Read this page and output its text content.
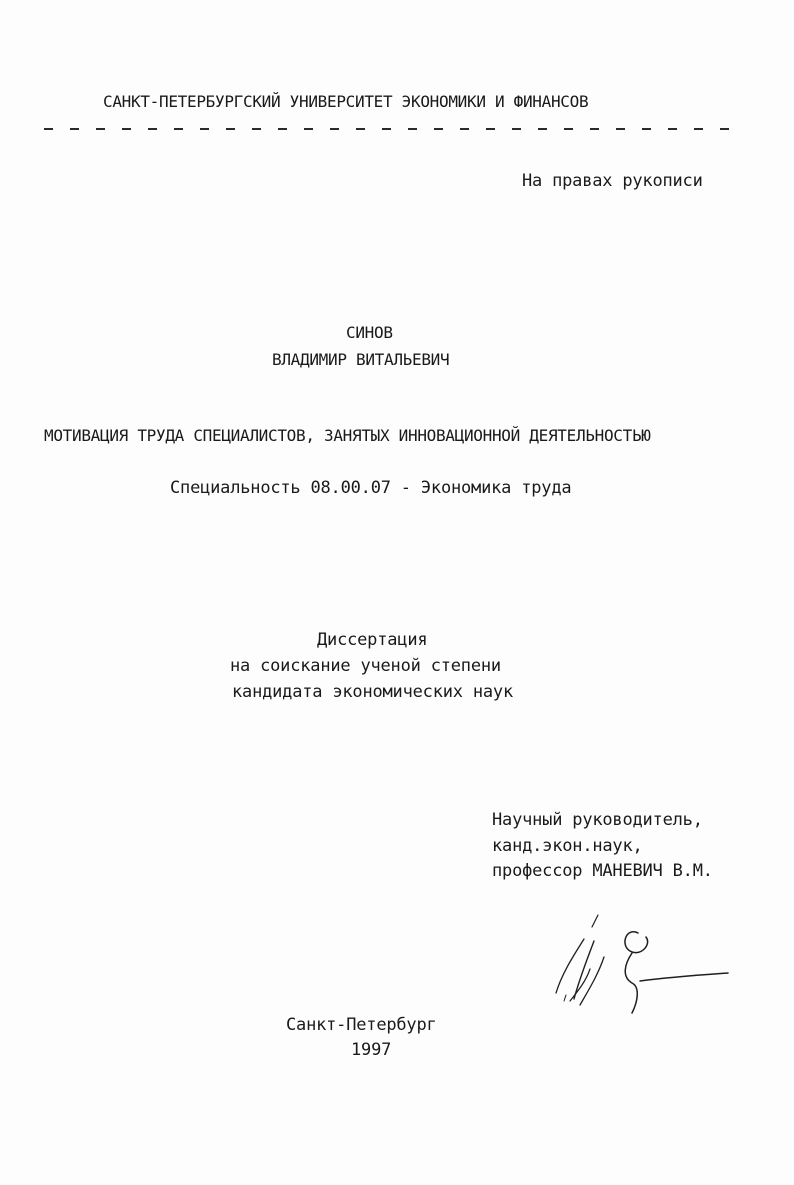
САНКТ-ПЕТЕРБУРГСКИЙ УНИВЕРСИТЕТ ЭКОНОМИКИ И ФИНАНСОВ
На правах рукописи
СИНОВ
ВЛАДИМИР ВИТАЛЬЕВИЧ
МОТИВАЦИЯ ТРУДА СПЕЦИАЛИСТОВ, ЗАНЯТЫХ ИННОВАЦИОННОЙ ДЕЯТЕЛЬНОСТЬЮ
Специальность 08.00.07 - Экономика труда
Диссертация
на соискание ученой степени
кандидата экономических наук
Научный руководитель,
канд.экон.наук,
профессор МАНЕВИЧ В.М.
Санкт-Петербург
1997
